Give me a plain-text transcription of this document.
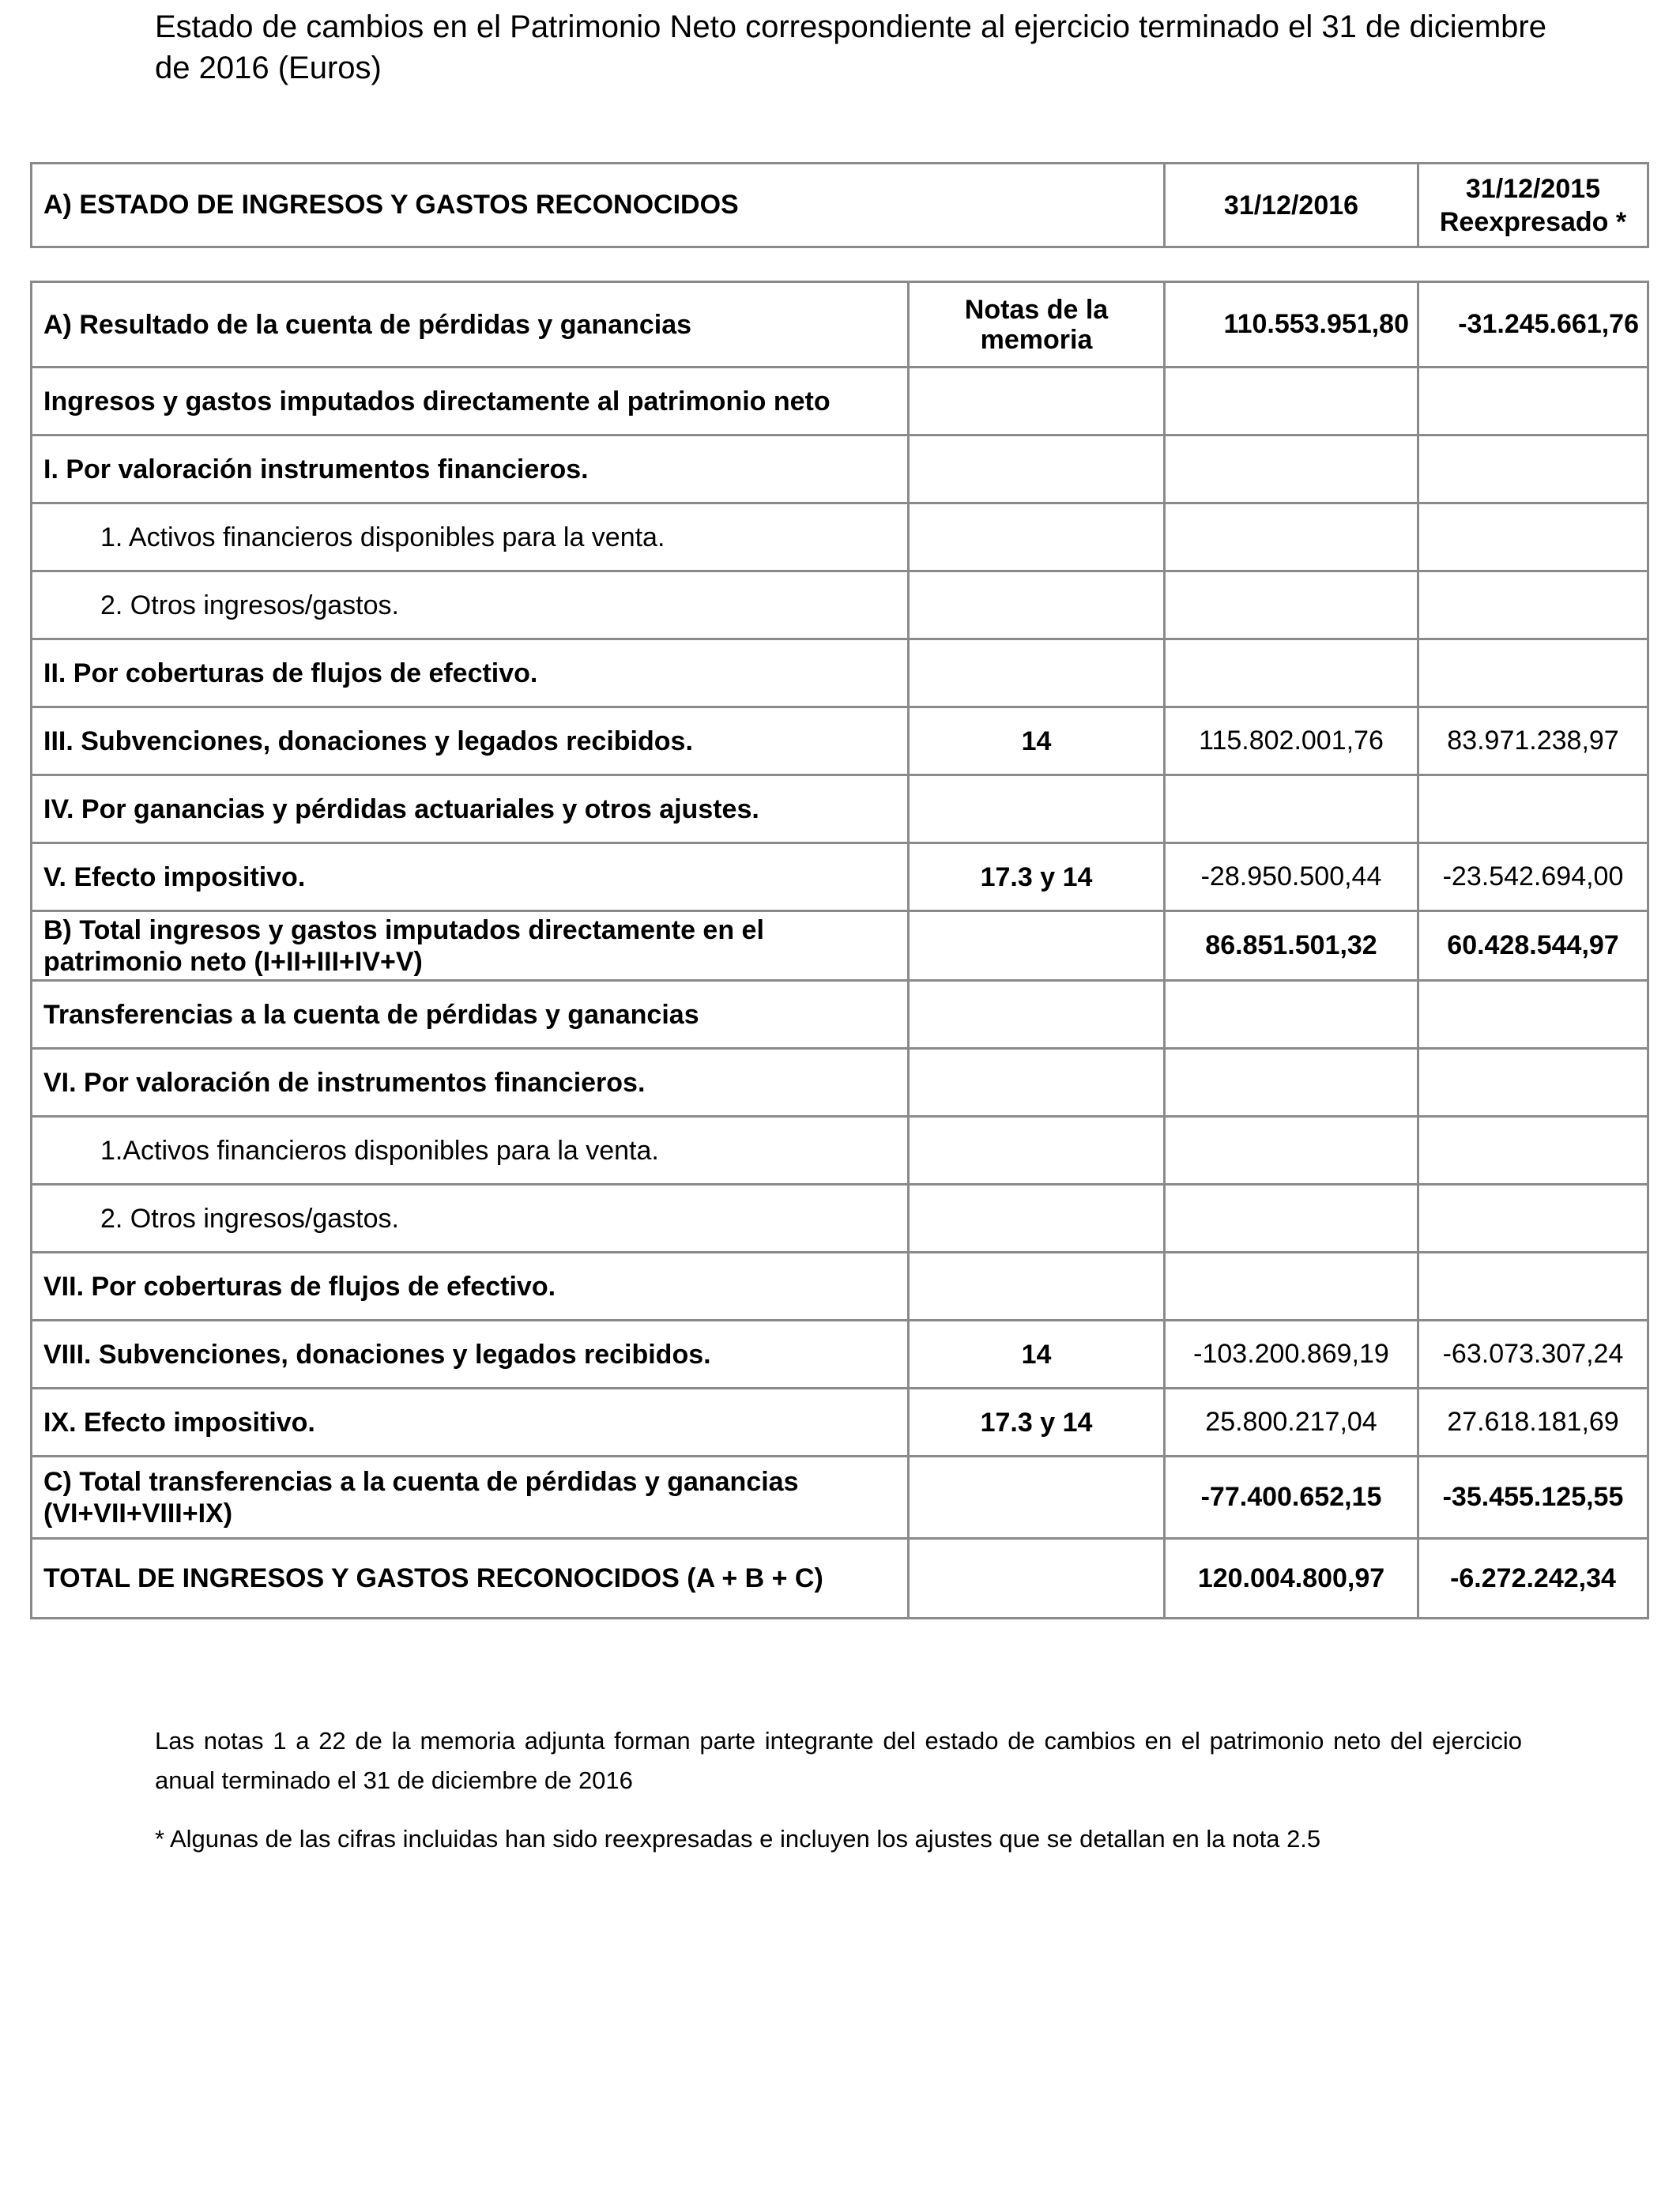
Estado de cambios en el Patrimonio Neto correspondiente al ejercicio terminado el 31 de diciembre de 2016 (Euros)
A) ESTADO DE INGRESOS Y GASTOS RECONOCIDOS	31/12/2016	31/12/2015
Reexpresado *
A) Resultado de la cuenta de pérdidas y ganancias	Notas de la memoria	110.553.951,80	-31.245.661,76
Ingresos y gastos imputados directamente al patrimonio neto			
I. Por valoración instrumentos financieros.			
1. Activos financieros disponibles para la venta.			
2. Otros ingresos/gastos.			
II. Por coberturas de flujos de efectivo.			
III. Subvenciones, donaciones y legados recibidos.	14	115.802.001,76	83.971.238,97
IV. Por ganancias y pérdidas actuariales y otros ajustes.			
V. Efecto impositivo.	17.3 y 14	-28.950.500,44	-23.542.694,00
B) Total ingresos y gastos imputados directamente en el patrimonio neto (I+II+III+IV+V)		86.851.501,32	60.428.544,97
Transferencias a la cuenta de pérdidas y ganancias			
VI. Por valoración de instrumentos financieros.			
1.Activos financieros disponibles para la venta.			
2. Otros ingresos/gastos.			
VII. Por coberturas de flujos de efectivo.			
VIII. Subvenciones, donaciones y legados recibidos.	14	-103.200.869,19	-63.073.307,24
IX. Efecto impositivo.	17.3 y 14	25.800.217,04	27.618.181,69
C) Total transferencias a la cuenta de pérdidas y ganancias (VI+VII+VIII+IX)		-77.400.652,15	-35.455.125,55
TOTAL DE INGRESOS Y GASTOS RECONOCIDOS (A + B + C)		120.004.800,97	-6.272.242,34

Las notas 1 a 22 de la memoria adjunta forman parte integrante del estado de cambios en el patrimonio neto del ejercicio anual terminado el 31 de diciembre de 2016

* Algunas de las cifras incluidas han sido reexpresadas e incluyen los ajustes que se detallan en la nota 2.5
